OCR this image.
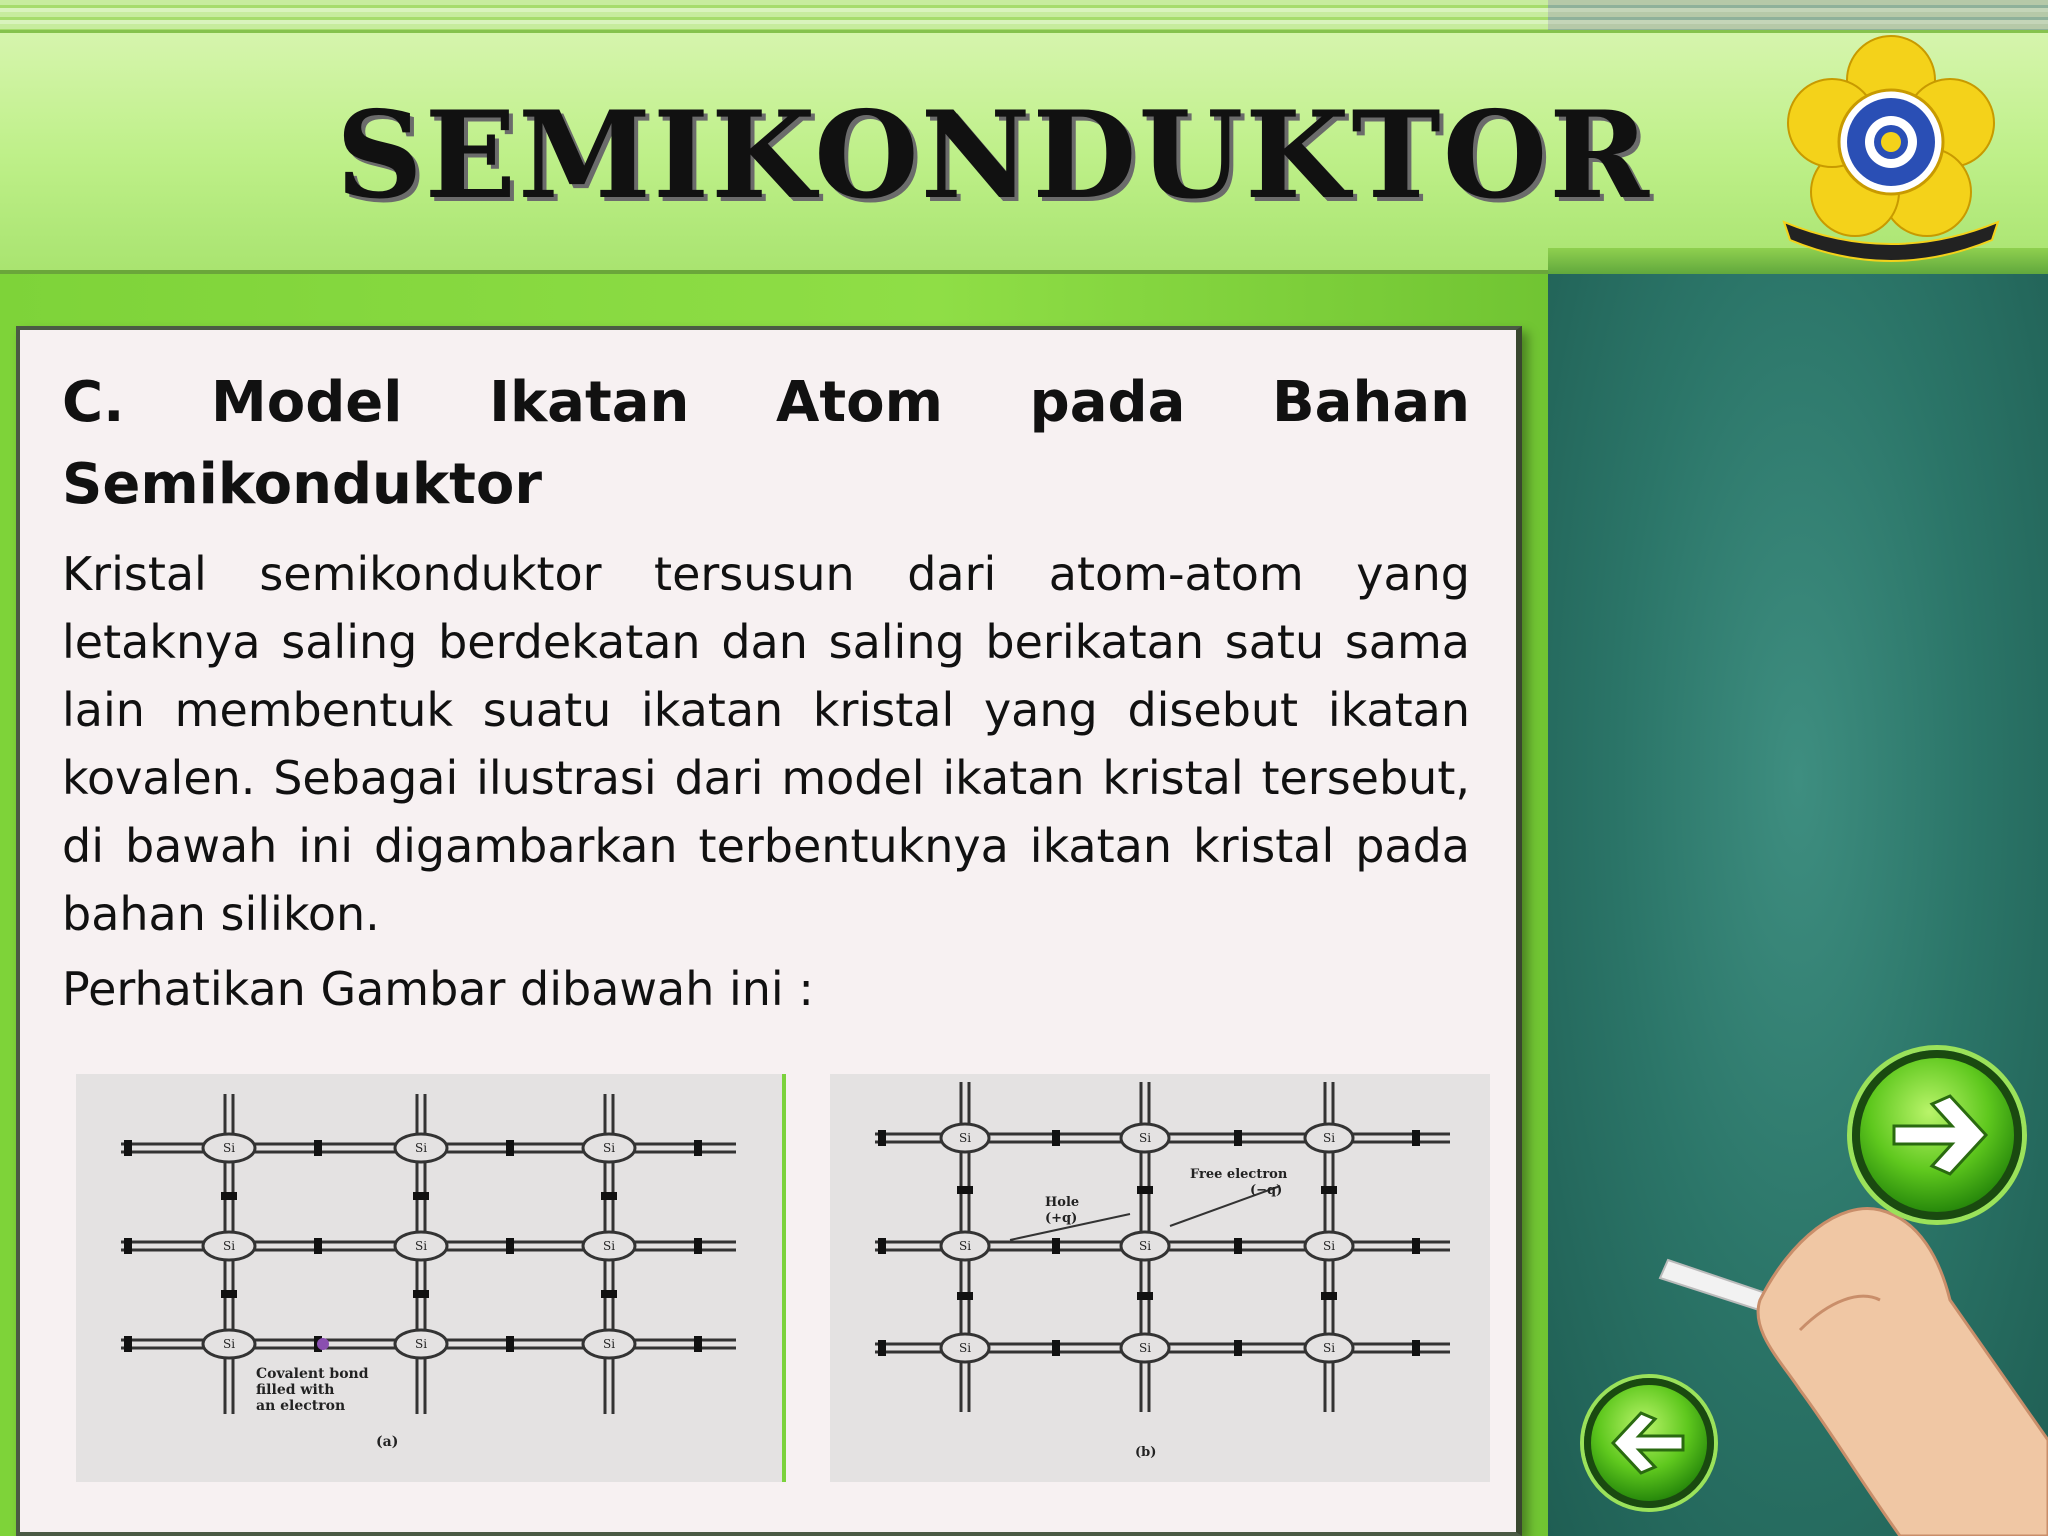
SEMIKONDUKTOR

C. Model Ikatan Atom pada Bahan Semikonduktor

Kristal semikonduktor tersusun dari atom-atom yang letaknya saling berdekatan dan saling berikatan satu sama lain membentuk suatu ikatan kristal yang disebut ikatan kovalen. Sebagai ilustrasi dari model ikatan kristal tersebut, di bawah ini digambarkan terbentuknya ikatan kristal pada bahan silikon.

Perhatikan Gambar dibawah ini :

Si	Si	Si
Si	Si	Si
Si	Si	Si
Covalent bond
filled with
an electron
(a)
Si	Si	Si
Si	Si	Si
Si	Si	Si
Hole
(+q)
Free electron
(−q)
(b)
